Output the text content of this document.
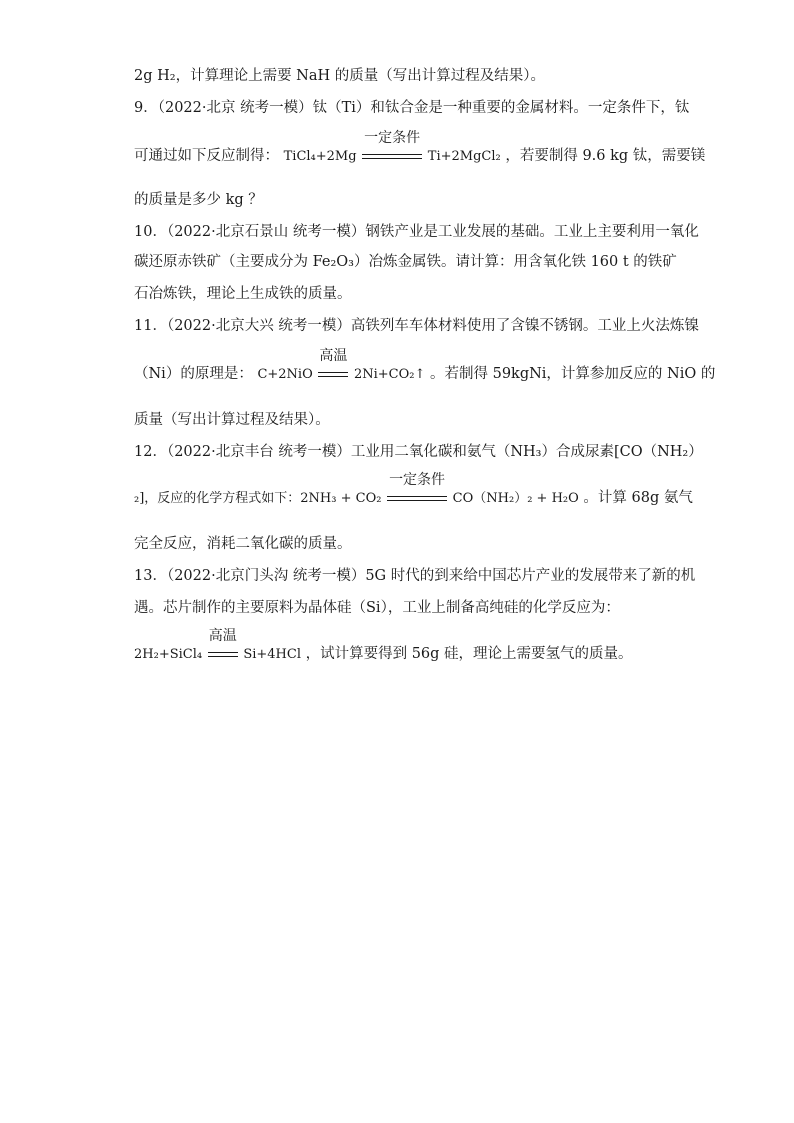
2g H₂，计算理论上需要 NaH 的质量（写出计算过程及结果）。
9．（2022·北京 统考一模）钛（Ti）和钛合金是一种重要的金属材料。一定条件下，钛
可通过如下反应制得： TiCl₄+2Mg
一定条件
Ti+2MgCl₂ ，若要制得 9.6 kg 钛，需要镁
的质量是多少 kg ？
10．（2022·北京石景山 统考一模）钢铁产业是工业发展的基础。工业上主要利用一氧化
碳还原赤铁矿（主要成分为 Fe₂O₃）冶炼金属铁。请计算：用含氧化铁 160 t 的铁矿
石冶炼铁，理论上生成铁的质量。
11．（2022·北京大兴 统考一模）高铁列车车体材料使用了含镍不锈钢。工业上火法炼镍
（Ni）的原理是： C+2NiO
高温
2Ni+CO₂↑ 。若制得 59kgNi，计算参加反应的 NiO 的
质量（写出计算过程及结果）。
12．（2022·北京丰台 统考一模）工业用二氧化碳和氨气（NH₃）合成尿素[CO（NH₂）
₂]，反应的化学方程式如下：2NH₃ + CO₂
一定条件
CO（NH₂）₂ + H₂O 。计算 68g 氨气
完全反应，消耗二氧化碳的质量。
13．（2022·北京门头沟 统考一模）5G 时代的到来给中国芯片产业的发展带来了新的机
遇。芯片制作的主要原料为晶体硅（Si），工业上制备高纯硅的化学反应为：
2H₂+SiCl₄
高温
Si+4HCl ，试计算要得到 56g 硅，理论上需要氢气的质量。
